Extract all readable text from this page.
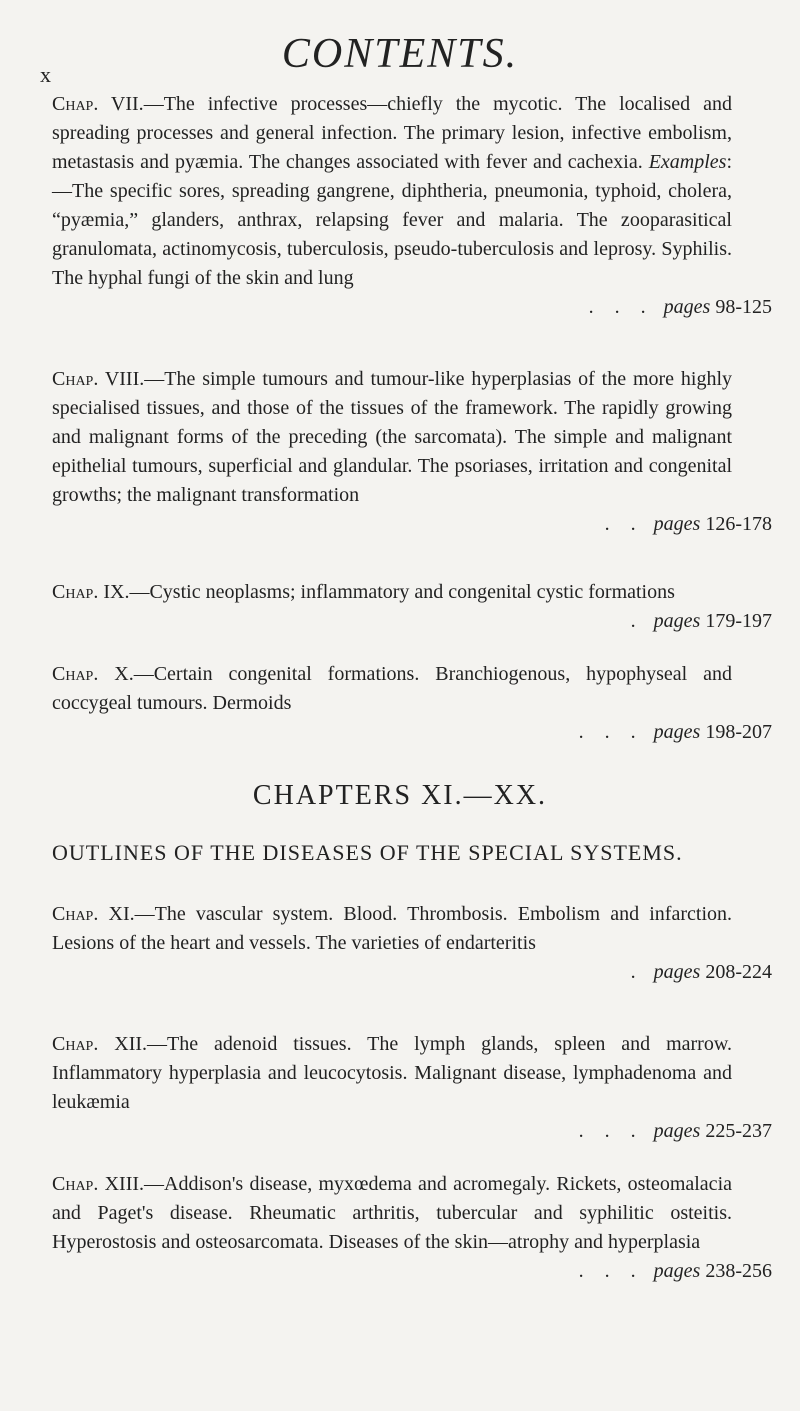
x	CONTENTS.
Chap. VII.—The infective processes—chiefly the mycotic. The localised and spreading processes and general infection. The primary lesion, infective embolism, metastasis and pyæmia. The changes associated with fever and cachexia. Examples:—The specific sores, spreading gangrene, diphtheria, pneumonia, typhoid, cholera, “pyæmia,” glanders, anthrax, relapsing fever and malaria. The zooparasitical granulomata, actinomycosis, tuberculosis, pseudo-tuberculosis and leprosy. Syphilis. The hyphal fungi of the skin and lung
. . . pages 98-125
Chap. VIII.—The simple tumours and tumour-like hyperplasias of the more highly specialised tissues, and those of the tissues of the framework. The rapidly growing and malignant forms of the preceding (the sarcomata). The simple and malignant epithelial tumours, superficial and glandular. The psoriases, irritation and congenital growths; the malignant transformation
. . pages 126-178
Chap. IX.—Cystic neoplasms; inflammatory and congenital cystic formations
. pages 179-197
Chap. X.—Certain congenital formations. Branchiogenous, hypophyseal and coccygeal tumours. Dermoids
. . . pages 198-207
CHAPTERS XI.—XX.
OUTLINES OF THE DISEASES OF THE SPECIAL SYSTEMS.
Chap. XI.—The vascular system. Blood. Thrombosis. Embolism and infarction. Lesions of the heart and vessels. The varieties of endarteritis
. pages 208-224
Chap. XII.—The adenoid tissues. The lymph glands, spleen and marrow. Inflammatory hyperplasia and leucocytosis. Malignant disease, lymphadenoma and leukæmia
. . . pages 225-237
Chap. XIII.—Addison's disease, myxœdema and acromegaly. Rickets, osteomalacia and Paget's disease. Rheumatic arthritis, tubercular and syphilitic osteitis. Hyperostosis and osteosarcomata. Diseases of the skin—atrophy and hyperplasia
. . . pages 238-256
